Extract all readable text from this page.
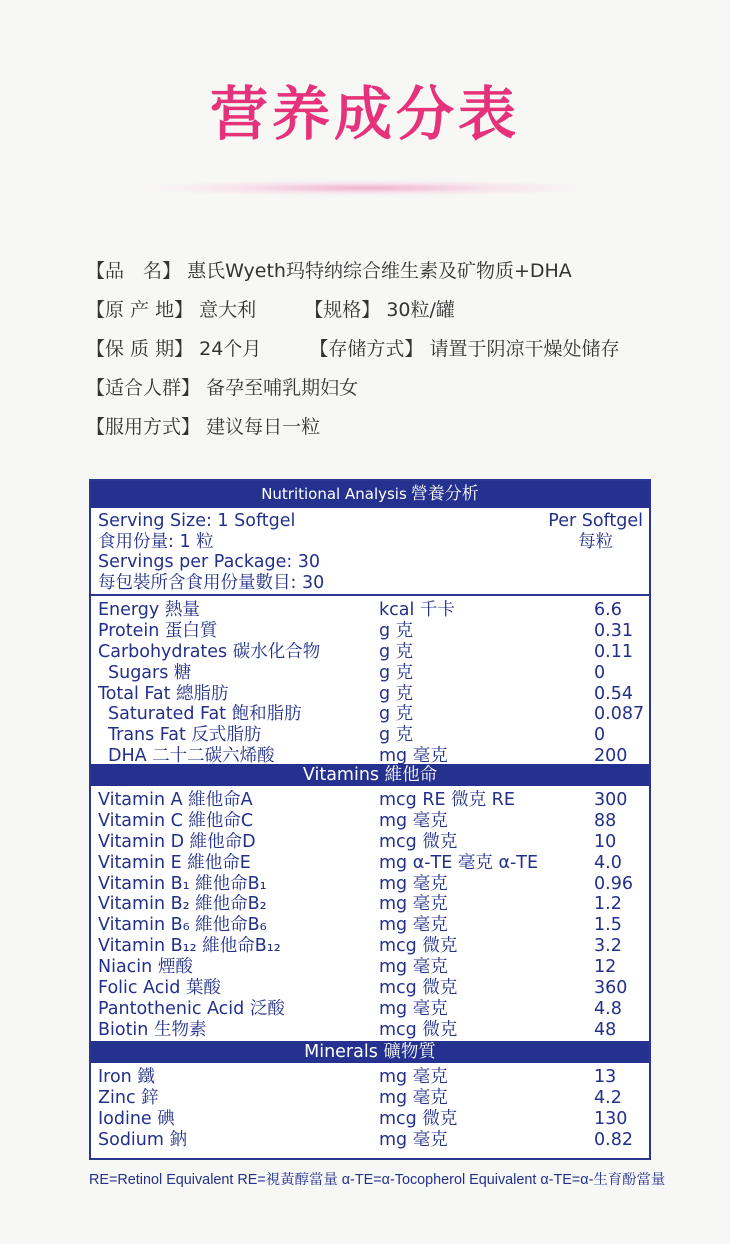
营养成分表
【品　名】 惠氏Wyeth玛特纳综合维生素及矿物质+DHA
【原 产 地】 意大利	【规格】 30粒/罐
【保 质 期】 24个月	【存储方式】 请置于阴凉干燥处储存
【适合人群】 备孕至哺乳期妇女
【服用方式】 建议每日一粒
Nutritional Analysis 營養分析
Serving Size: 1 Softgel
食用份量: 1 粒
Servings per Package: 30
每包裝所含食用份量數目: 30
Per Softgel
每粒
Energy 熱量	kcal 千卡	6.6
Protein 蛋白質	g 克	0.31
Carbohydrates 碳水化合物	g 克	0.11
Sugars 糖	g 克	0
Total Fat 總脂肪	g 克	0.54
Saturated Fat 飽和脂肪	g 克	0.087
Trans Fat 反式脂肪	g 克	0
DHA 二十二碳六烯酸	mg 毫克	200
Vitamins 維他命
Vitamin A 維他命A	mcg RE 微克 RE	300
Vitamin C 維他命C	mg 毫克	88
Vitamin D 維他命D	mcg 微克	10
Vitamin E 維他命E	mg α-TE 毫克 α-TE	4.0
Vitamin B₁ 維他命B₁	mg 毫克	0.96
Vitamin B₂ 維他命B₂	mg 毫克	1.2
Vitamin B₆ 維他命B₆	mg 毫克	1.5
Vitamin B₁₂ 維他命B₁₂	mcg 微克	3.2
Niacin 煙酸	mg 毫克	12
Folic Acid 葉酸	mcg 微克	360
Pantothenic Acid 泛酸	mg 毫克	4.8
Biotin 生物素	mcg 微克	48
Minerals 礦物質
Iron 鐵	mg 毫克	13
Zinc 鋅	mg 毫克	4.2
Iodine 碘	mcg 微克	130
Sodium 鈉	mg 毫克	0.82
RE=Retinol Equivalent RE=視黃醇當量 α-TE=α-Tocopherol Equivalent α-TE=α-生育酚當量
